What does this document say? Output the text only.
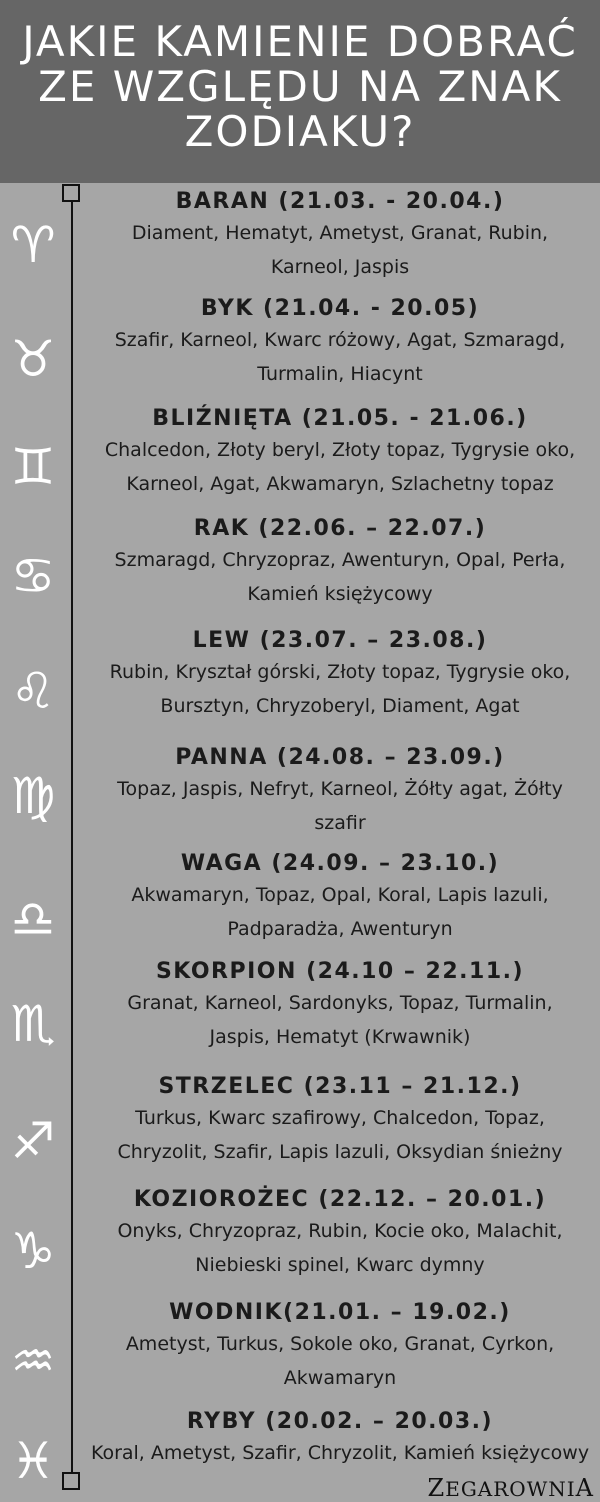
JAKIE KAMIENIE DOBRAĆ
ZE WZGLĘDU NA ZNAK
ZODIAKU?
♈
♉
♊
♋
♌
♍
♎
♏
♐
♑
♒
♓
BARAN (21.03. - 20.04.)
Diament, Hematyt, Ametyst, Granat, Rubin,
Karneol, Jaspis
BYK (21.04. - 20.05)
Szafir, Karneol, Kwarc różowy, Agat, Szmaragd,
Turmalin, Hiacynt
BLIŹNIĘTA (21.05. - 21.06.)
Chalcedon, Złoty beryl, Złoty topaz, Tygrysie oko,
Karneol, Agat, Akwamaryn, Szlachetny topaz
RAK (22.06. – 22.07.)
Szmaragd, Chryzopraz, Awenturyn, Opal, Perła,
Kamień księżycowy
LEW (23.07. – 23.08.)
Rubin, Kryształ górski, Złoty topaz, Tygrysie oko,
Bursztyn, Chryzoberyl, Diament, Agat
PANNA (24.08. – 23.09.)
Topaz, Jaspis, Nefryt, Karneol, Żółty agat, Żółty
szafir
WAGA (24.09. – 23.10.)
Akwamaryn, Topaz, Opal, Koral, Lapis lazuli,
Padparadża, Awenturyn
SKORPION (24.10 – 22.11.)
Granat, Karneol, Sardonyks, Topaz, Turmalin,
Jaspis, Hematyt (Krwawnik)
STRZELEC (23.11 – 21.12.)
Turkus, Kwarc szafirowy, Chalcedon, Topaz,
Chryzolit, Szafir, Lapis lazuli, Oksydian śnieżny
KOZIOROŻEC (22.12. – 20.01.)
Onyks, Chryzopraz, Rubin, Kocie oko, Malachit,
Niebieski spinel, Kwarc dymny
WODNIK(21.01. – 19.02.)
Ametyst, Turkus, Sokole oko, Granat, Cyrkon,
Akwamaryn
RYBY (20.02. – 20.03.)
Koral, Ametyst, Szafir, Chryzolit, Kamień księżycowy
ZEGAROWNIA
